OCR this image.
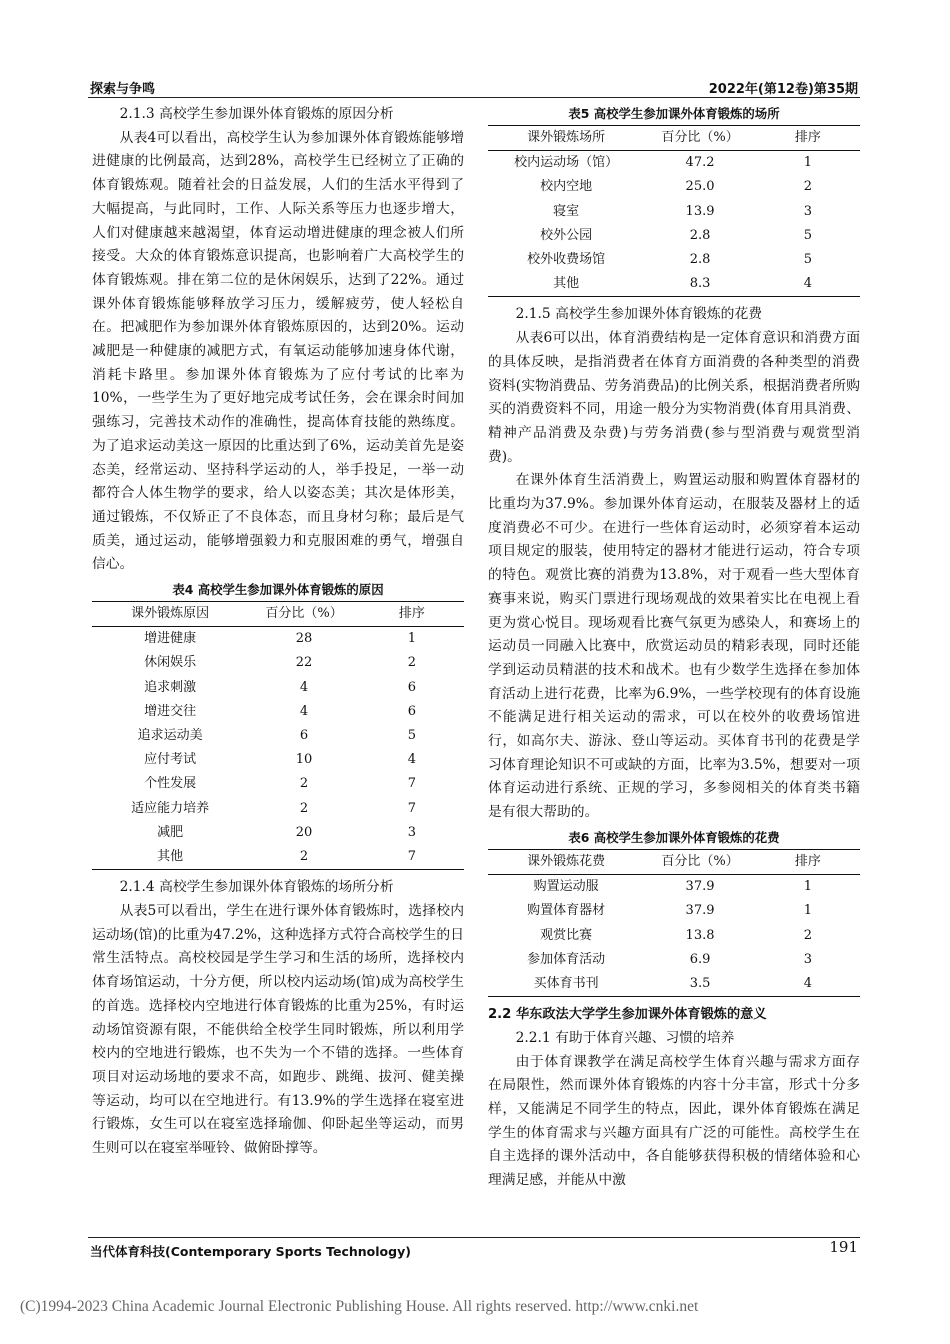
探索与争鸣	2022年(第12卷)第35期
2.1.3 高校学生参加课外体育锻炼的原因分析

从表4可以看出，高校学生认为参加课外体育锻炼能够增进健康的比例最高，达到28%，高校学生已经树立了正确的体育锻炼观。随着社会的日益发展，人们的生活水平得到了大幅提高，与此同时，工作、人际关系等压力也逐步增大，人们对健康越来越渴望，体育运动增进健康的理念被人们所接受。大众的体育锻炼意识提高，也影响着广大高校学生的体育锻炼观。排在第二位的是休闲娱乐，达到了22%。通过课外体育锻炼能够释放学习压力，缓解疲劳，使人轻松自在。把减肥作为参加课外体育锻炼原因的，达到20%。运动减肥是一种健康的减肥方式，有氧运动能够加速身体代谢，消耗卡路里。参加课外体育锻炼为了应付考试的比率为10%，一些学生为了更好地完成考试任务，会在课余时间加强练习，完善技术动作的准确性，提高体育技能的熟练度。为了追求运动美这一原因的比重达到了6%，运动美首先是姿态美，经常运动、坚持科学运动的人，举手投足，一举一动都符合人体生物学的要求，给人以姿态美；其次是体形美，通过锻炼，不仅矫正了不良体态，而且身材匀称；最后是气质美，通过运动，能够增强毅力和克服困难的勇气，增强自信心。

表4 高校学生参加课外体育锻炼的原因
课外锻炼原因	百分比（%）	排序
增进健康	28	1
休闲娱乐	22	2
追求刺激	4	6
增进交往	4	6
追求运动美	6	5
应付考试	10	4
个性发展	2	7
适应能力培养	2	7
减肥	20	3
其他	2	7
2.1.4 高校学生参加课外体育锻炼的场所分析

从表5可以看出，学生在进行课外体育锻炼时，选择校内运动场(馆)的比重为47.2%，这种选择方式符合高校学生的日常生活特点。高校校园是学生学习和生活的场所，选择校内体育场馆运动，十分方便，所以校内运动场(馆)成为高校学生的首选。选择校内空地进行体育锻炼的比重为25%，有时运动场馆资源有限，不能供给全校学生同时锻炼，所以利用学校内的空地进行锻炼，也不失为一个不错的选择。一些体育项目对运动场地的要求不高，如跑步、跳绳、拔河、健美操等运动，均可以在空地进行。有13.9%的学生选择在寝室进行锻炼，女生可以在寝室选择瑜伽、仰卧起坐等运动，而男生则可以在寝室举哑铃、做俯卧撑等。

表5 高校学生参加课外体育锻炼的场所
课外锻炼场所	百分比（%）	排序
校内运动场（馆）	47.2	1
校内空地	25.0	2
寝室	13.9	3
校外公园	2.8	5
校外收费场馆	2.8	5
其他	8.3	4
2.1.5 高校学生参加课外体育锻炼的花费

从表6可以出，体育消费结构是一定体育意识和消费方面的具体反映，是指消费者在体育方面消费的各种类型的消费资料(实物消费品、劳务消费品)的比例关系，根据消费者所购买的消费资料不同，用途一般分为实物消费(体育用具消费、精神产品消费及杂费)与劳务消费(参与型消费与观赏型消费)。

在课外体育生活消费上，购置运动服和购置体育器材的比重均为37.9%。参加课外体育运动，在服装及器材上的适度消费必不可少。在进行一些体育运动时，必须穿着本运动项目规定的服装，使用特定的器材才能进行运动，符合专项的特色。观赏比赛的消费为13.8%，对于观看一些大型体育赛事来说，购买门票进行现场观战的效果着实比在电视上看更为赏心悦目。现场观看比赛气氛更为感染人，和赛场上的运动员一同融入比赛中，欣赏运动员的精彩表现，同时还能学到运动员精湛的技术和战术。也有少数学生选择在参加体育活动上进行花费，比率为6.9%，一些学校现有的体育设施不能满足进行相关运动的需求，可以在校外的收费场馆进行，如高尔夫、游泳、登山等运动。买体育书刊的花费是学习体育理论知识不可或缺的方面，比率为3.5%，想要对一项体育运动进行系统、正规的学习，多参阅相关的体育类书籍是有很大帮助的。

表6 高校学生参加课外体育锻炼的花费
课外锻炼花费	百分比（%）	排序
购置运动服	37.9	1
购置体育器材	37.9	1
观赏比赛	13.8	2
参加体育活动	6.9	3
买体育书刊	3.5	4
2.2 华东政法大学学生参加课外体育锻炼的意义
2.2.1 有助于体育兴趣、习惯的培养

由于体育课教学在满足高校学生体育兴趣与需求方面存在局限性，然而课外体育锻炼的内容十分丰富，形式十分多样，又能满足不同学生的特点，因此，课外体育锻炼在满足学生的体育需求与兴趣方面具有广泛的可能性。高校学生在自主选择的课外活动中，各自能够获得积极的情绪体验和心理满足感，并能从中激

当代体育科技(Contemporary Sports Technology)	191
(C)1994-2023 China Academic Journal Electronic Publishing House. All rights reserved. http://www.cnki.net
